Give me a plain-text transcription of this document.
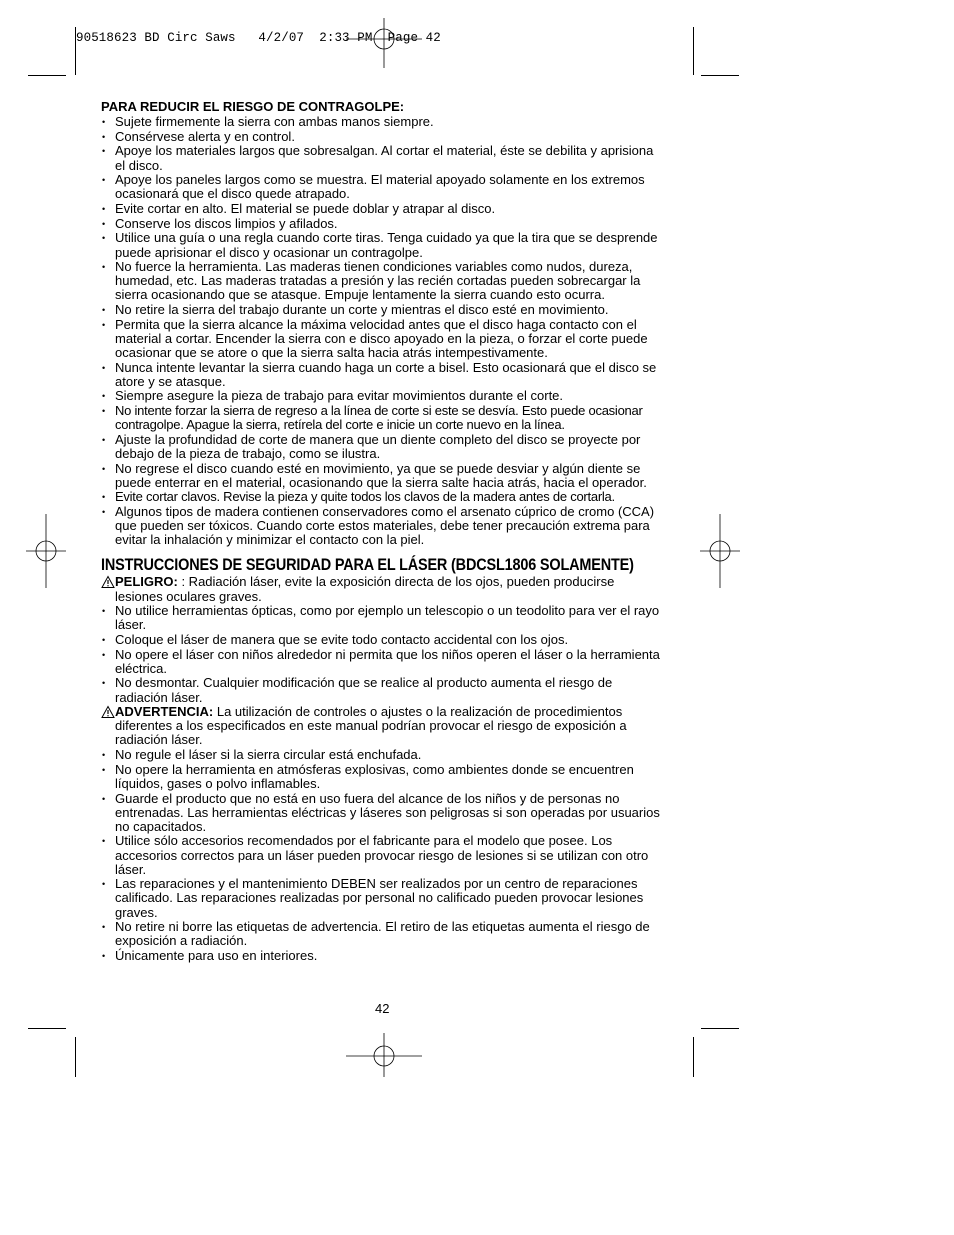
90518623 BD Circ Saws   4/2/07  2:33 PM  Page 42
PARA REDUCIR EL RIESGO DE CONTRAGOLPE:
• Sujete firmemente la sierra con ambas manos siempre.
• Consérvese alerta y en control.
• Apoye los materiales largos que sobresalgan. Al cortar el material, éste se debilita y aprisiona el disco.
• Apoye los paneles largos como se muestra. El material apoyado solamente en los extremos ocasionará que el disco quede atrapado.
• Evite cortar en alto. El material se puede doblar y atrapar al disco.
• Conserve los discos limpios y afilados.
• Utilice una guía o una regla cuando corte tiras. Tenga cuidado ya que la tira que se desprende puede aprisionar el disco y ocasionar un contragolpe.
• No fuerce la herramienta. Las maderas tienen condiciones variables como nudos, dureza, humedad, etc. Las maderas tratadas a presión y las recién cortadas pueden sobrecargar la sierra ocasionando que se atasque. Empuje lentamente la sierra cuando esto ocurra.
• No retire la sierra del trabajo durante un corte y mientras el disco esté en movimiento.
• Permita que la sierra alcance la máxima velocidad antes que el disco haga contacto con el material a cortar. Encender la sierra con e disco apoyado en la pieza, o forzar el corte puede ocasionar que se atore o que la sierra salta hacia atrás intempestivamente.
• Nunca intente levantar la sierra cuando haga un corte a bisel. Esto ocasionará que el disco se atore y se atasque.
• Siempre asegure la pieza de trabajo para evitar movimientos durante el corte.
• No intente forzar la sierra de regreso a la línea de corte si este se desvía. Esto puede ocasionar contragolpe. Apague la sierra, retírela del corte e inicie un corte nuevo en la línea.
• Ajuste la profundidad de corte de manera que un diente completo del disco se proyecte por debajo de la pieza de trabajo, como se ilustra.
• No regrese el disco cuando esté en movimiento, ya que se puede desviar y algún diente se puede enterrar en el material, ocasionando que la sierra salte hacia atrás, hacia el operador.
• Evite cortar clavos. Revise la pieza y quite todos los clavos de la madera antes de cortarla.
• Algunos tipos de madera contienen conservadores como el arsenato cúprico de cromo (CCA) que pueden ser tóxicos. Cuando corte estos materiales, debe tener precaución extrema para evitar la inhalación y minimizar el contacto con la piel.
INSTRUCCIONES DE SEGURIDAD PARA EL LÁSER (BDCSL1806 SOLAMENTE)
PELIGRO: : Radiación láser, evite la exposición directa de los ojos, pueden producirse lesiones oculares graves.
• No utilice herramientas ópticas, como por ejemplo un telescopio o un teodolito para ver el rayo láser.
• Coloque el láser de manera que se evite todo contacto accidental con los ojos.
• No opere el láser con niños alrededor ni permita que los niños operen el láser o la herramienta eléctrica.
• No desmontar. Cualquier modificación que se realice al producto aumenta el riesgo de radiación láser.
ADVERTENCIA: La utilización de controles o ajustes o la realización de procedimientos diferentes a los especificados en este manual podrían provocar el riesgo de exposición a radiación láser.
• No regule el láser si la sierra circular está enchufada.
• No opere la herramienta en atmósferas explosivas, como ambientes donde se encuentren líquidos, gases o polvo inflamables.
• Guarde el producto que no está en uso fuera del alcance de los niños y de personas no entrenadas. Las herramientas eléctricas y láseres son peligrosas si son operadas por usuarios no capacitados.
• Utilice sólo accesorios recomendados por el fabricante para el modelo que posee. Los accesorios correctos para un láser pueden provocar riesgo de lesiones si se utilizan con otro láser.
• Las reparaciones y el mantenimiento DEBEN ser realizados por un centro de reparaciones calificado. Las reparaciones realizadas por personal no calificado pueden provocar lesiones graves.
• No retire ni borre las etiquetas de advertencia. El retiro de las etiquetas aumenta el riesgo de exposición a radiación.
• Únicamente para uso en interiores.
42
